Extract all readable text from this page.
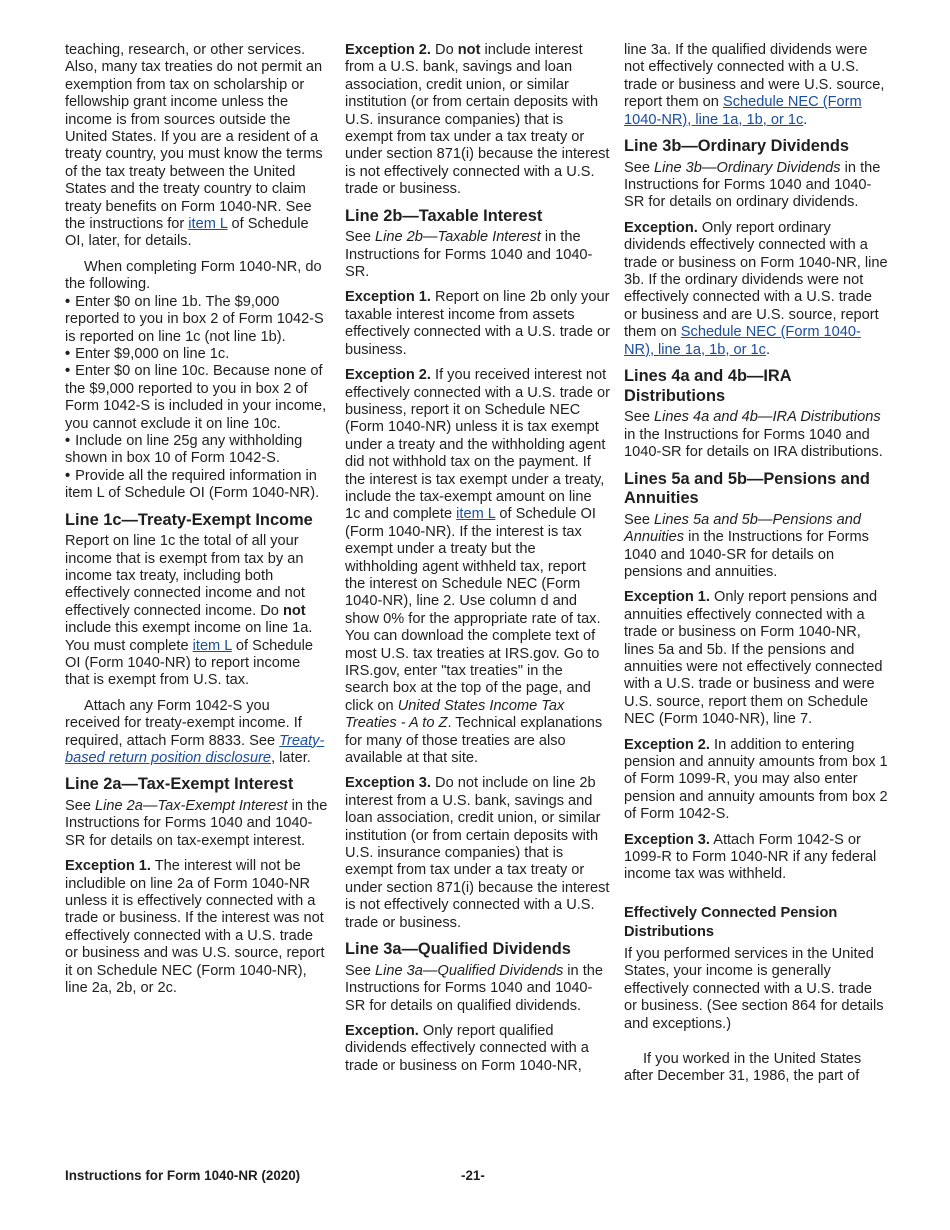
teaching, research, or other services. Also, many tax treaties do not permit an exemption from tax on scholarship or fellowship grant income unless the income is from sources outside the United States. If you are a resident of a treaty country, you must know the terms of the tax treaty between the United States and the treaty country to claim treaty benefits on Form 1040-NR. See the instructions for item L of Schedule OI, later, for details.

When completing Form 1040-NR, do the following.

• Enter $0 on line 1b. The $9,000 reported to you in box 2 of Form 1042-S is reported on line 1c (not line 1b).
• Enter $9,000 on line 1c.
• Enter $0 on line 10c. Because none of the $9,000 reported to you in box 2 of Form 1042-S is included in your income, you cannot exclude it on line 10c.
• Include on line 25g any withholding shown in box 10 of Form 1042-S.
• Provide all the required information in item L of Schedule OI (Form 1040-NR).
Line 1c—Treaty-Exempt Income

Report on line 1c the total of all your income that is exempt from tax by an income tax treaty, including both effectively connected income and not effectively connected income. Do not include this exempt income on line 1a. You must complete item L of Schedule OI (Form 1040-NR) to report income that is exempt from U.S. tax.

Attach any Form 1042-S you received for treaty-exempt income. If required, attach Form 8833. See Treaty-based return position disclosure, later.

Line 2a—Tax-Exempt Interest

See Line 2a—Tax-Exempt Interest in the Instructions for Forms 1040 and 1040-SR for details on tax-exempt interest.

Exception 1. The interest will not be includible on line 2a of Form 1040-NR unless it is effectively connected with a trade or business. If the interest was not effectively connected with a U.S. trade or business and was U.S. source, report it on Schedule NEC (Form 1040-NR), line 2a, 2b, or 2c.

Exception 2. Do not include interest from a U.S. bank, savings and loan association, credit union, or similar institution (or from certain deposits with U.S. insurance companies) that is exempt from tax under a tax treaty or under section 871(i) because the interest is not effectively connected with a U.S. trade or business.

Line 2b—Taxable Interest

See Line 2b—Taxable Interest in the Instructions for Forms 1040 and 1040-SR.

Exception 1. Report on line 2b only your taxable interest income from assets effectively connected with a U.S. trade or business.

Exception 2. If you received interest not effectively connected with a U.S. trade or business, report it on Schedule NEC (Form 1040-NR) unless it is tax exempt under a treaty and the withholding agent did not withhold tax on the payment. If the interest is tax exempt under a treaty, include the tax-exempt amount on line 1c and complete item L of Schedule OI (Form 1040-NR). If the interest is tax exempt under a treaty but the withholding agent withheld tax, report the interest on Schedule NEC (Form 1040-NR), line 2. Use column d and show 0% for the appropriate rate of tax. You can download the complete text of most U.S. tax treaties at IRS.gov. Go to IRS.gov, enter "tax treaties" in the search box at the top of the page, and click on United States Income Tax Treaties - A to Z. Technical explanations for many of those treaties are also available at that site.

Exception 3. Do not include on line 2b interest from a U.S. bank, savings and loan association, credit union, or similar institution (or from certain deposits with U.S. insurance companies) that is exempt from tax under a tax treaty or under section 871(i) because the interest is not effectively connected with a U.S. trade or business.

Line 3a—Qualified Dividends

See Line 3a—Qualified Dividends in the Instructions for Forms 1040 and 1040-SR for details on qualified dividends.

Exception. Only report qualified dividends effectively connected with a trade or business on Form 1040-NR,

line 3a. If the qualified dividends were not effectively connected with a U.S. trade or business and were U.S. source, report them on Schedule NEC (Form 1040-NR), line 1a, 1b, or 1c.

Line 3b—Ordinary Dividends

See Line 3b—Ordinary Dividends in the Instructions for Forms 1040 and 1040-SR for details on ordinary dividends.

Exception. Only report ordinary dividends effectively connected with a trade or business on Form 1040-NR, line 3b. If the ordinary dividends were not effectively connected with a U.S. trade or business and are U.S. source, report them on Schedule NEC (Form 1040-NR), line 1a, 1b, or 1c.

Lines 4a and 4b—IRA Distributions

See Lines 4a and 4b—IRA Distributions in the Instructions for Forms 1040 and 1040-SR for details on IRA distributions.

Lines 5a and 5b—Pensions and Annuities

See Lines 5a and 5b—Pensions and Annuities in the Instructions for Forms 1040 and 1040-SR for details on pensions and annuities.

Exception 1. Only report pensions and annuities effectively connected with a trade or business on Form 1040-NR, lines 5a and 5b. If the pensions and annuities were not effectively connected with a U.S. trade or business and were U.S. source, report them on Schedule NEC (Form 1040-NR), line 7.

Exception 2. In addition to entering pension and annuity amounts from box 1 of Form 1099-R, you may also enter pension and annuity amounts from box 2 of Form 1042-S.

Exception 3. Attach Form 1042-S or 1099-R to Form 1040-NR if any federal income tax was withheld.

Effectively Connected Pension Distributions

If you performed services in the United States, your income is generally effectively connected with a U.S. trade or business. (See section 864 for details and exceptions.)

If you worked in the United States after December 31, 1986, the part of

Instructions for Form 1040-NR (2020)	-21-
